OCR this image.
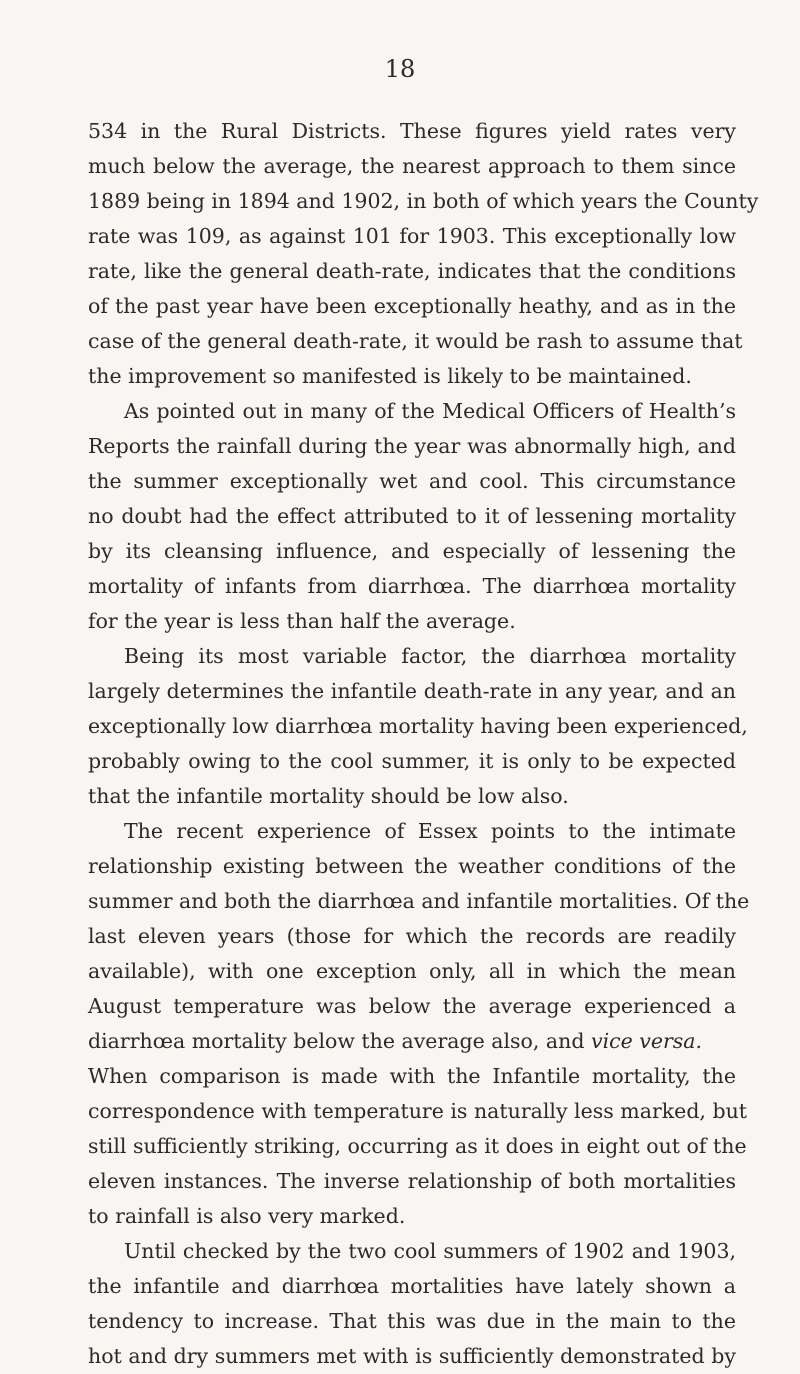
18
534 in the Rural Districts. These figures yield rates very
much below the average, the nearest approach to them since
1889 being in 1894 and 1902, in both of which years the County
rate was 109, as against 101 for 1903. This exceptionally low
rate, like the general death-rate, indicates that the conditions
of the past year have been exceptionally heathy, and as in the
case of the general death-rate, it would be rash to assume that
the improvement so manifested is likely to be maintained.
As pointed out in many of the Medical Officers of Health’s
Reports the rainfall during the year was abnormally high, and
the summer exceptionally wet and cool. This circumstance
no doubt had the effect attributed to it of lessening mortality
by its cleansing influence, and especially of lessening the
mortality of infants from diarrhœa. The diarrhœa mortality
for the year is less than half the average.
Being its most variable factor, the diarrhœa mortality
largely determines the infantile death-rate in any year, and an
exceptionally low diarrhœa mortality having been experienced,
probably owing to the cool summer, it is only to be expected
that the infantile mortality should be low also.
The recent experience of Essex points to the intimate
relationship existing between the weather conditions of the
summer and both the diarrhœa and infantile mortalities. Of the
last eleven years (those for which the records are readily
available), with one exception only, all in which the mean
August temperature was below the average experienced a
diarrhœa mortality below the average also, and vice versa.
When comparison is made with the Infantile mortality, the
correspondence with temperature is naturally less marked, but
still sufficiently striking, occurring as it does in eight out of the
eleven instances. The inverse relationship of both mortalities
to rainfall is also very marked.
Until checked by the two cool summers of 1902 and 1903,
the infantile and diarrhœa mortalities have lately shown a
tendency to increase. That this was due in the main to the
hot and dry summers met with is sufficiently demonstrated by
